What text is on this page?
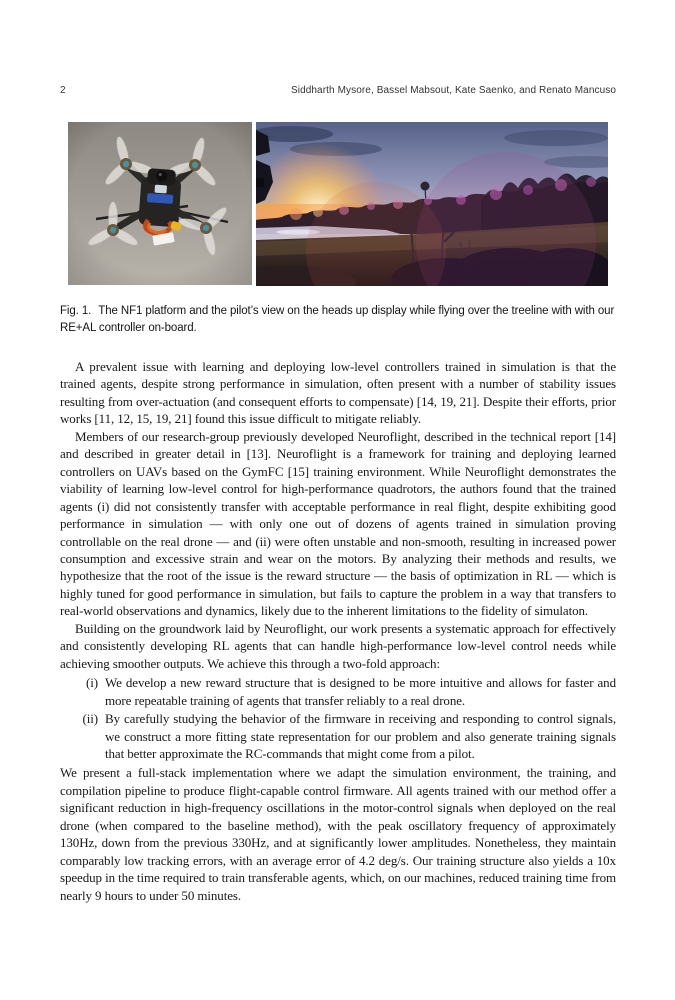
2	Siddharth Mysore, Bassel Mabsout, Kate Saenko, and Renato Mancuso
Fig. 1. The NF1 platform and the pilot’s view on the heads up display while flying over the treeline with with our RE+AL controller on-board.

A prevalent issue with learning and deploying low-level controllers trained in simulation is that the trained agents, despite strong performance in simulation, often present with a number of stability issues resulting from over-actuation (and consequent efforts to compensate) [14, 19, 21]. Despite their efforts, prior works [11, 12, 15, 19, 21] found this issue difficult to mitigate reliably.

Members of our research-group previously developed Neuroflight, described in the technical report [14] and described in greater detail in [13]. Neuroflight is a framework for training and deploying learned controllers on UAVs based on the GymFC [15] training environment. While Neuroflight demonstrates the viability of learning low-level control for high-performance quadrotors, the authors found that the trained agents (i) did not consistently transfer with acceptable performance in real flight, despite exhibiting good performance in simulation — with only one out of dozens of agents trained in simulation proving controllable on the real drone — and (ii) were often unstable and non-smooth, resulting in increased power consumption and excessive strain and wear on the motors. By analyzing their methods and results, we hypothesize that the root of the issue is the reward structure — the basis of optimization in RL — which is highly tuned for good performance in simulation, but fails to capture the problem in a way that transfers to real-world observations and dynamics, likely due to the inherent limitations to the fidelity of simulaton.

Building on the groundwork laid by Neuroflight, our work presents a systematic approach for effectively and consistently developing RL agents that can handle high-performance low-level control needs while achieving smoother outputs. We achieve this through a two-fold approach:

(i) We develop a new reward structure that is designed to be more intuitive and allows for faster and more repeatable training of agents that transfer reliably to a real drone.
(ii) By carefully studying the behavior of the firmware in receiving and responding to control signals, we construct a more fitting state representation for our problem and also generate training signals that better approximate the RC-commands that might come from a pilot.

We present a full-stack implementation where we adapt the simulation environment, the training, and compilation pipeline to produce flight-capable control firmware. All agents trained with our method offer a significant reduction in high-frequency oscillations in the motor-control signals when deployed on the real drone (when compared to the baseline method), with the peak oscillatory frequency of approximately 130Hz, down from the previous 330Hz, and at significantly lower amplitudes. Nonetheless, they maintain comparably low tracking errors, with an average error of 4.2 deg/s. Our training structure also yields a 10x speedup in the time required to train transferable agents, which, on our machines, reduced training time from nearly 9 hours to under 50 minutes.
